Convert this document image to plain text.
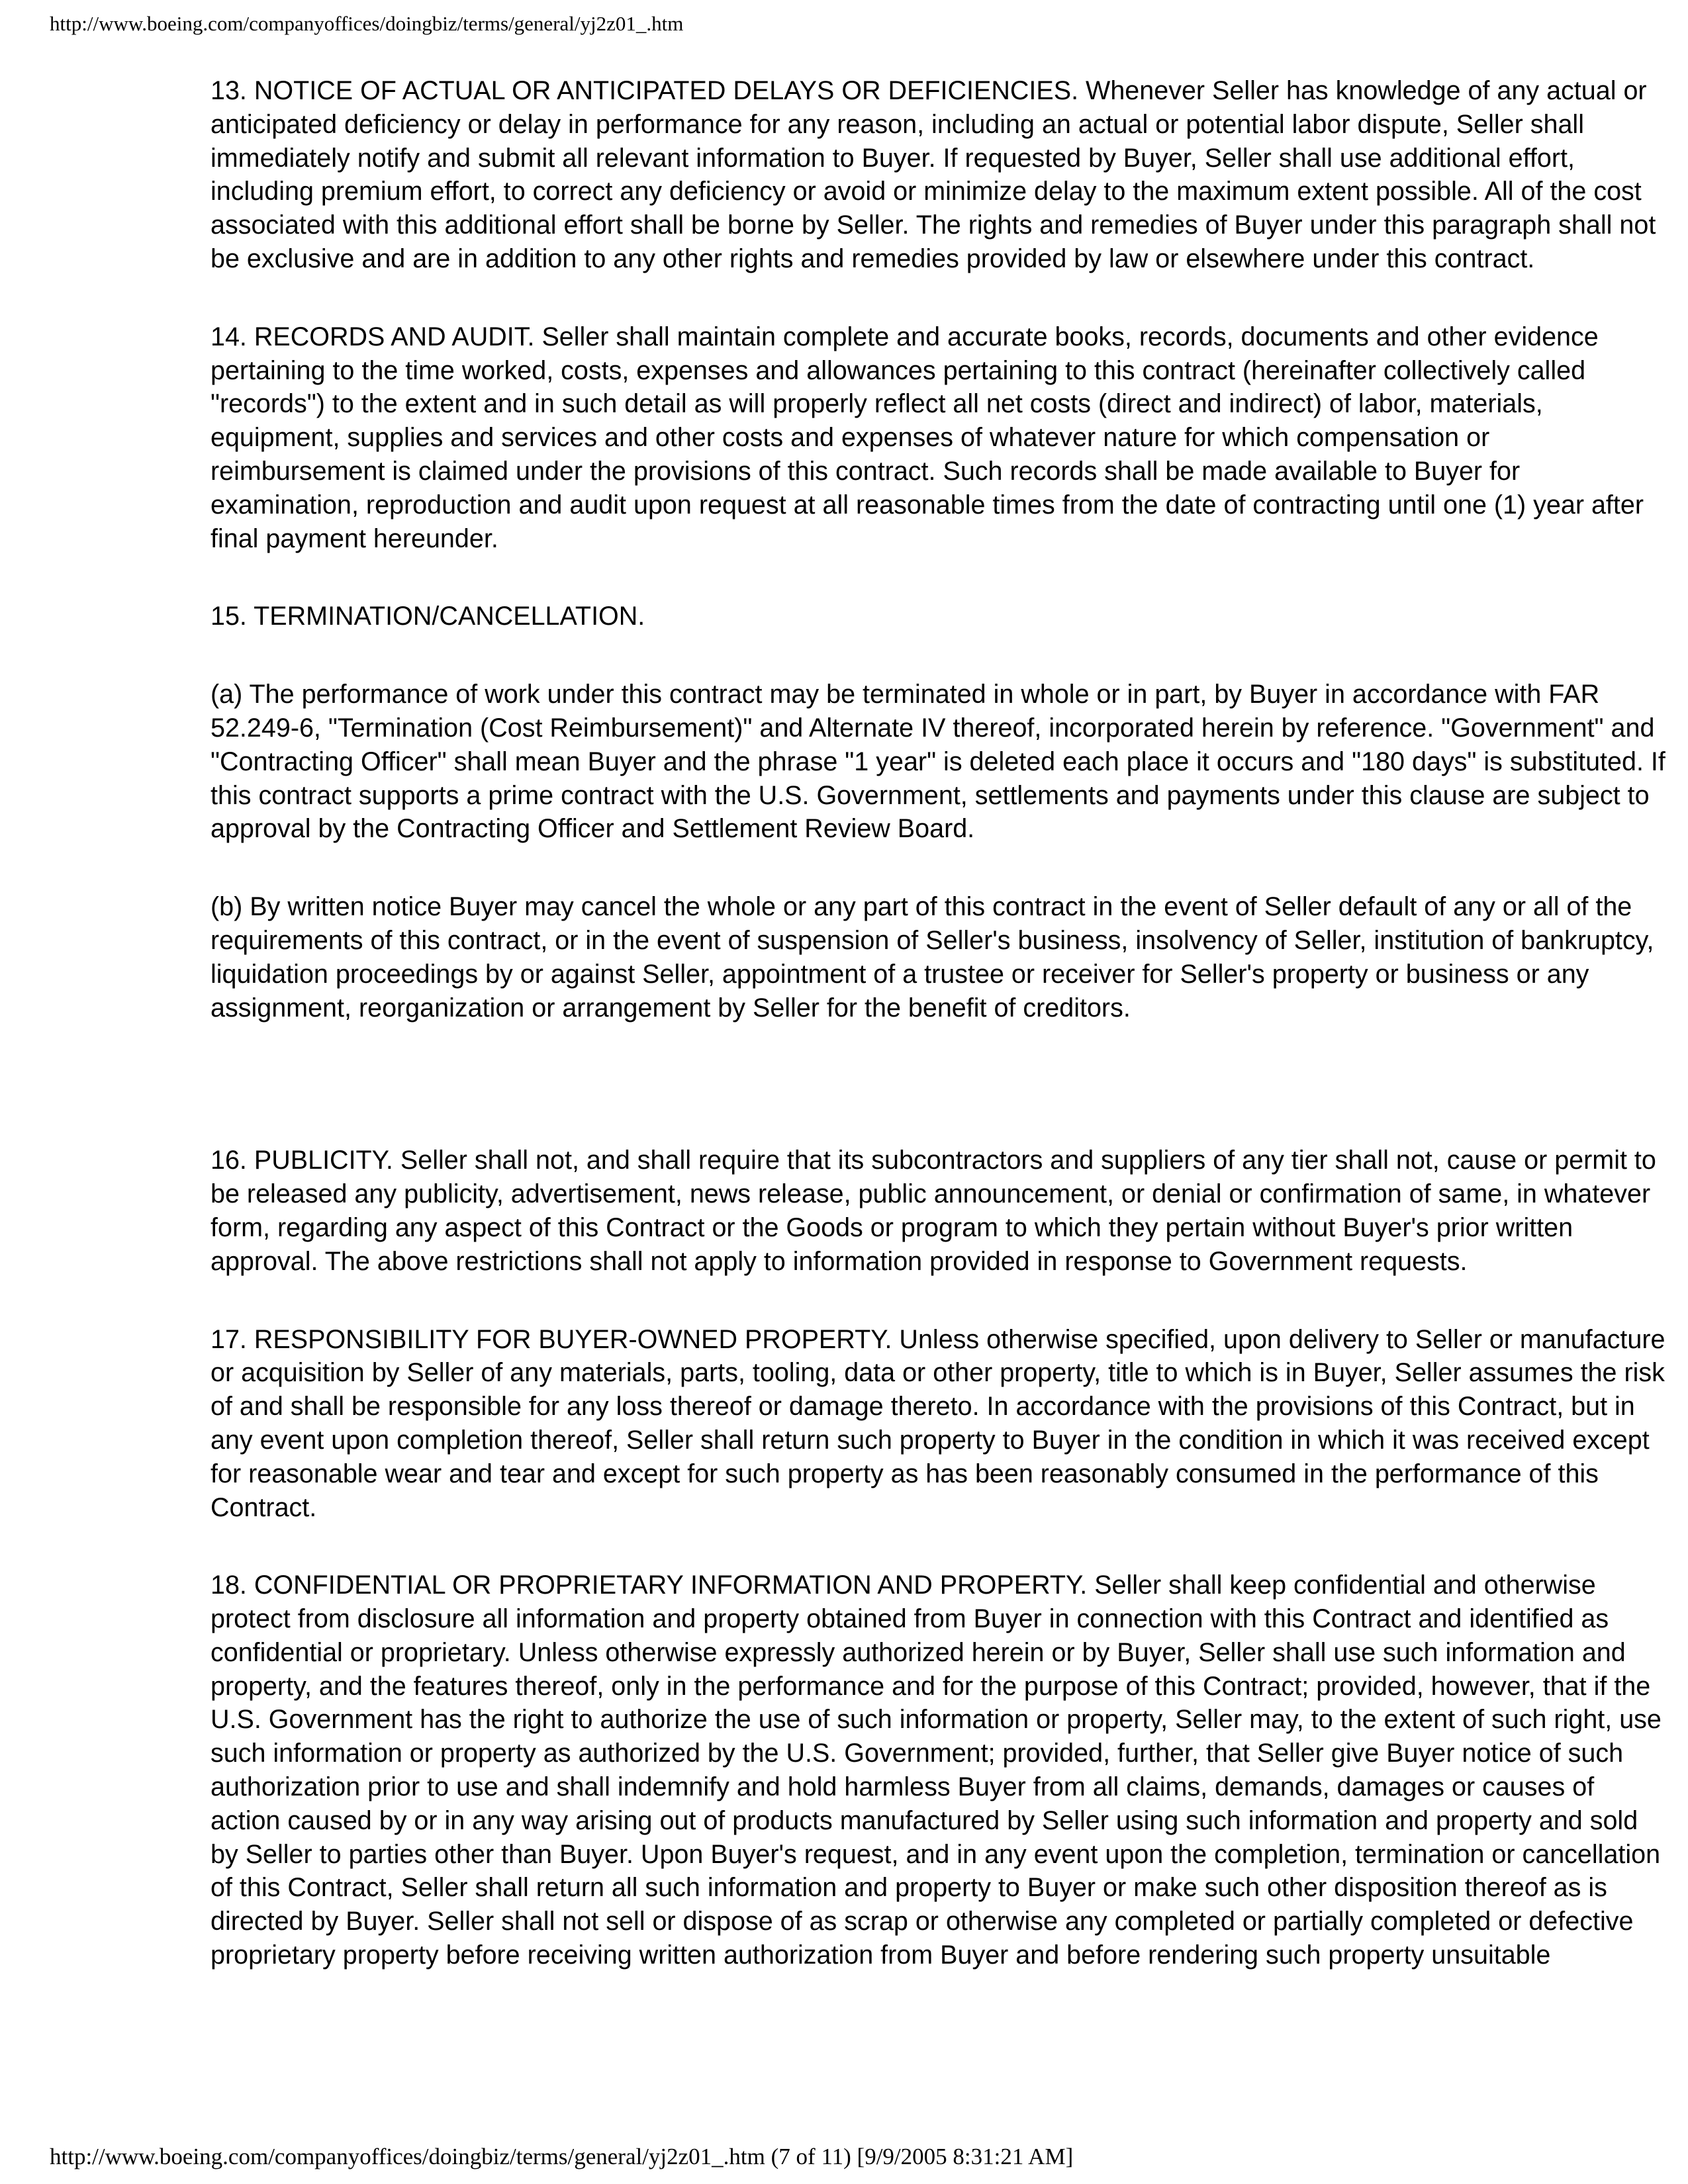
http://www.boeing.com/companyoffices/doingbiz/terms/general/yj2z01_.htm

13. NOTICE OF ACTUAL OR ANTICIPATED DELAYS OR DEFICIENCIES. Whenever Seller has knowledge of any actual or anticipated deficiency or delay in performance for any reason, including an actual or potential labor dispute, Seller shall immediately notify and submit all relevant information to Buyer. If requested by Buyer, Seller shall use additional effort, including premium effort, to correct any deficiency or avoid or minimize delay to the maximum extent possible. All of the cost associated with this additional effort shall be borne by Seller. The rights and remedies of Buyer under this paragraph shall not be exclusive and are in addition to any other rights and remedies provided by law or elsewhere under this contract.

14. RECORDS AND AUDIT. Seller shall maintain complete and accurate books, records, documents and other evidence pertaining to the time worked, costs, expenses and allowances pertaining to this contract (hereinafter collectively called "records") to the extent and in such detail as will properly reflect all net costs (direct and indirect) of labor, materials, equipment, supplies and services and other costs and expenses of whatever nature for which compensation or reimbursement is claimed under the provisions of this contract. Such records shall be made available to Buyer for examination, reproduction and audit upon request at all reasonable times from the date of contracting until one (1) year after final payment hereunder.

15. TERMINATION/CANCELLATION.

(a) The performance of work under this contract may be terminated in whole or in part, by Buyer in accordance with FAR 52.249-6, "Termination (Cost Reimbursement)" and Alternate IV thereof, incorporated herein by reference. "Government" and "Contracting Officer" shall mean Buyer and the phrase "1 year" is deleted each place it occurs and "180 days" is substituted. If this contract supports a prime contract with the U.S. Government, settlements and payments under this clause are subject to approval by the Contracting Officer and Settlement Review Board.

(b) By written notice Buyer may cancel the whole or any part of this contract in the event of Seller default of any or all of the requirements of this contract, or in the event of suspension of Seller's business, insolvency of Seller, institution of bankruptcy, liquidation proceedings by or against Seller, appointment of a trustee or receiver for Seller's property or business or any assignment, reorganization or arrangement by Seller for the benefit of creditors.

16. PUBLICITY. Seller shall not, and shall require that its subcontractors and suppliers of any tier shall not, cause or permit to be released any publicity, advertisement, news release, public announcement, or denial or confirmation of same, in whatever form, regarding any aspect of this Contract or the Goods or program to which they pertain without Buyer's prior written approval. The above restrictions shall not apply to information provided in response to Government requests.

17. RESPONSIBILITY FOR BUYER-OWNED PROPERTY. Unless otherwise specified, upon delivery to Seller or manufacture or acquisition by Seller of any materials, parts, tooling, data or other property, title to which is in Buyer, Seller assumes the risk of and shall be responsible for any loss thereof or damage thereto. In accordance with the provisions of this Contract, but in any event upon completion thereof, Seller shall return such property to Buyer in the condition in which it was received except for reasonable wear and tear and except for such property as has been reasonably consumed in the performance of this Contract.

18. CONFIDENTIAL OR PROPRIETARY INFORMATION AND PROPERTY. Seller shall keep confidential and otherwise protect from disclosure all information and property obtained from Buyer in connection with this Contract and identified as confidential or proprietary. Unless otherwise expressly authorized herein or by Buyer, Seller shall use such information and property, and the features thereof, only in the performance and for the purpose of this Contract; provided, however, that if the U.S. Government has the right to authorize the use of such information or property, Seller may, to the extent of such right, use such information or property as authorized by the U.S. Government; provided, further, that Seller give Buyer notice of such authorization prior to use and shall indemnify and hold harmless Buyer from all claims, demands, damages or causes of action caused by or in any way arising out of products manufactured by Seller using such information and property and sold by Seller to parties other than Buyer. Upon Buyer's request, and in any event upon the completion, termination or cancellation of this Contract, Seller shall return all such information and property to Buyer or make such other disposition thereof as is directed by Buyer. Seller shall not sell or dispose of as scrap or otherwise any completed or partially completed or defective proprietary property before receiving written authorization from Buyer and before rendering such property unsuitable

http://www.boeing.com/companyoffices/doingbiz/terms/general/yj2z01_.htm (7 of 11) [9/9/2005 8:31:21 AM]
